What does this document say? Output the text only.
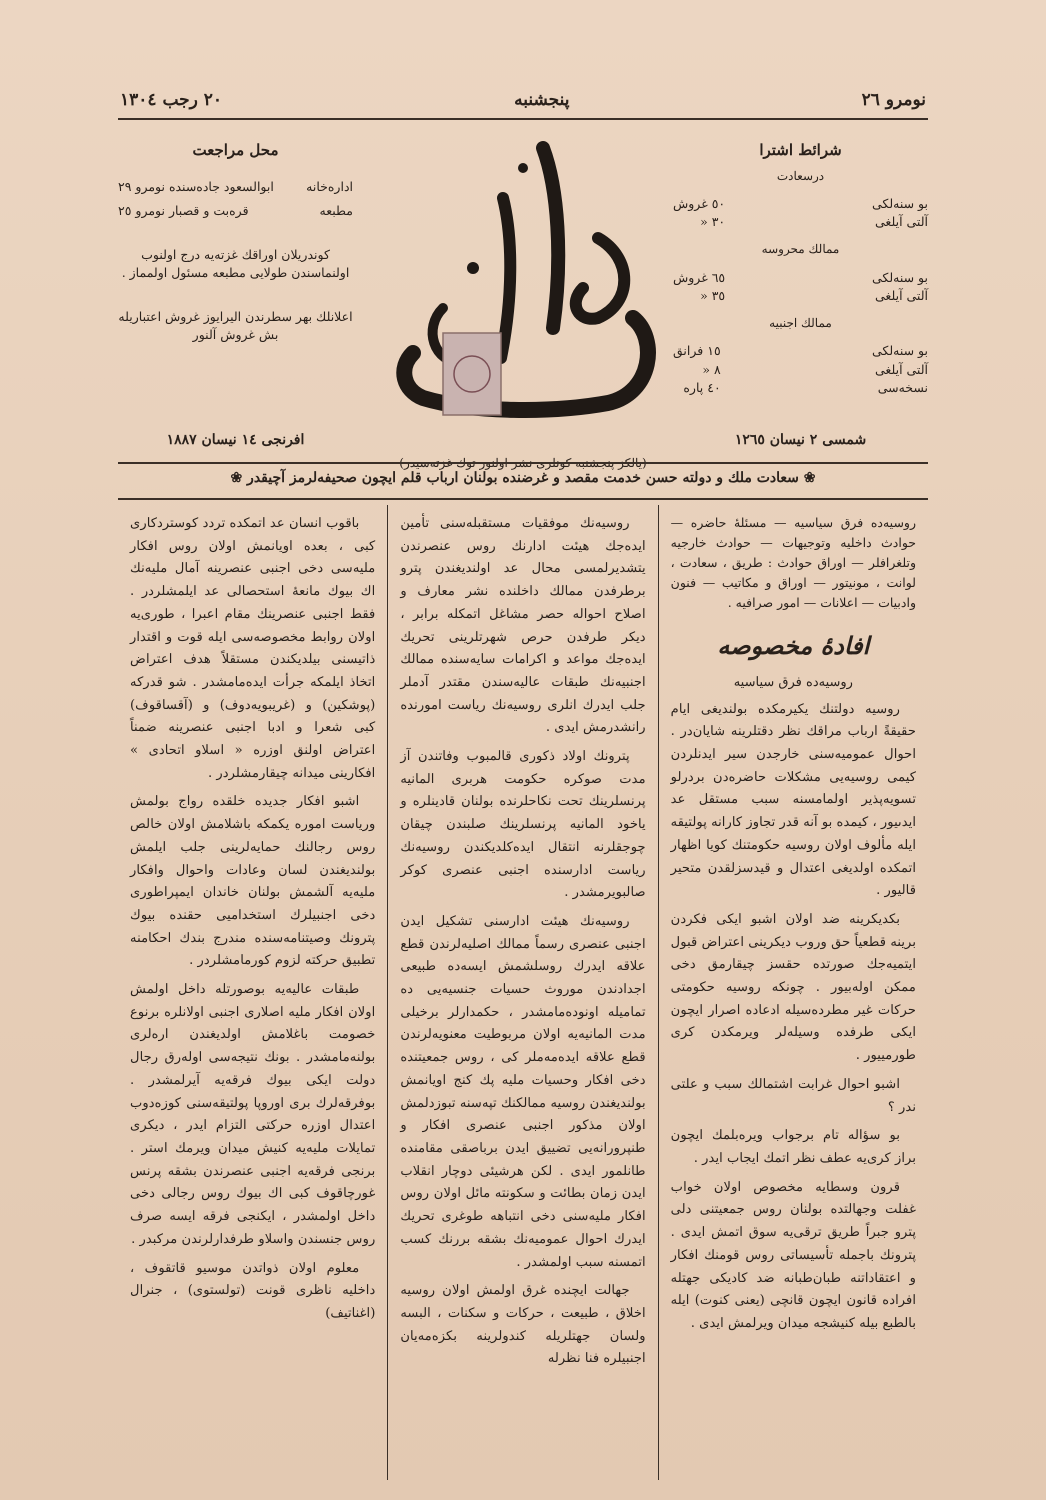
٢٠ رجب ١٣٠٤	پنجشنبه	نومرو ٢٦
محل مراجعت
اداره‌خانه
ابوالسعود جاده‌سنده نومرو ٢٩
مطبعه
قره‌بت و قصبار نومرو ٢٥
كوندريلان اوراقك غزته‌يه درج اولنوب اولنماسندن طولايى مطبعه مسئول اولمماز .
اعلانلك بهر سطرندن اليرايوز غروش اعتباريله بش غروش آلنور
افرنجى ١٤ نيسان ١٨٨٧
(يالكز پنجشنبه كونلرى نشر اولنور توك غزته‌سيدر)
شرائط اشترا
درسعادت
بو سنه‌لكى
آلتى آيلغى
٥٠ غروش
٣٠ «
ممالك محروسه
بو سنه‌لكى
آلتى آيلغى
٦٥ غروش
٣٥ «
ممالك اجنبيه
بو سنه‌لكى
آلتى آيلغى
نسخه‌سى
١٥ فرانق
٨ «
٤٠ پاره
شمسى ٢ نيسان ١٢٦٥
❀ سعادت ملك و دولته حسن خدمت مقصد و غرضنده بولنان ارباب قلم ايچون صحيفه‌لرمز آچيقدر ❀
روسيه‌ده فرق سياسيه — مسئلهٔ حاضره — حوادث داخليه وتوجيهات — حوادث خارجيه وتلغرافلر — اوراق حوادث : طريق ، سعادت ، لوانت ، مونيتور — اوراق و مكاتيب — فنون وادبيات — اعلانات — امور صرافيه .
افادهٔ مخصوصه
روسيه‌ده فرق سياسيه

روسيه دولتنك يكيرمكده بولنديغى ايام حقيقةً ارباب مراقك نظر دقتلرينه شايان‌در . احوال عموميه‌سنى خارجدن سير ايدنلردن كيمى روسيه‌يى مشكلات حاضره‌دن بردرلو تسويه‌پذير اولمامسنه سبب مستقل عد ايدىيور ، كيمده بو آنه قدر تجاوز كارانه پولتيقه ايله مألوف اولان روسيه حكومتنك كويا اظهار اتمكده اولديغى اعتدال و قيدسزلقدن متحير قاليور .

بكديكرينه ضد اولان اشبو ايكى فكردن برينه قطعياً حق وروب ديكرينى اعتراض قبول ايتميه‌جك صورتده حقسز چيقارمق دخى ممكن اوله‌بيور . چونكه روسيه حكومتى حركات غير مطرده‌سيله ادعاده اصرار ايچون ايكى طرفده وسيله‌لر ويرمكدن كرى طورمييور .

اشبو احوال غرابت اشتمالك سبب و علتى ندر ؟

بو سؤاله تام برجواب ويره‌بلمك ايچون براز كرى‌يه عطف نظر اتمك ايجاب ايدر .

قرون وسطايه مخصوص اولان خواب غفلت وجهالتده بولنان روس جمعيتنى دلى پترو جبراً طريق ترقى‌يه سوق اتمش ايدى . پترونك باجمله تأسيساتى روس قومنك افكار و اعتقاداتنه طبان‌طبانه ضد كاديكى جهتله افراده قانون ايچون قانچى (يعنى كنوت) ايله بالطبع بيله كنيشجه ميدان ويرلمش ايدى .

روسيه‌نك موفقيات مستقبله‌سنى تأمين ايده‌جك هيئت ادارنك روس عنصرندن يتشديرلمسى محال عد اولنديغندن پترو برطرفدن ممالك داخلنده نشر معارف و اصلاح احواله حصر مشاغل اتمكله برابر ، ديكر طرفدن حرص شهرتلرينى تحريك ايده‌جك مواعد و اكرامات سايه‌سنده ممالك اجنبيه‌نك طبقات عاليه‌سندن مقتدر آدملر جلب ايدرك انلرى روسيه‌نك رياست امورنده رانشدرمش ايدى .

پترونك اولاد ذكورى قالمبوب وفاتندن آز مدت صوكره حكومت هربرى المانيه پرنسلرينك تحت نكاحلرنده بولنان قادينلره و ياخود المانيه پرنسلرينك صلبندن چيقان چوجقلرنه انتقال ايده‌كلديكندن روسيه‌نك رياست ادارسنده اجنبى عنصرى كوكر صالبويرمشدر .

روسيه‌نك هيئت ادارسنى تشكيل ايدن اجنبى عنصرى رسماً ممالك اصليه‌لرندن قطع علاقه ايدرك روسلشمش ايسه‌ده طبيعى اجدادندن موروث حسيات جنسيه‌يى ده تماميله اونوده‌مامشدر ، حكمدارلر برخيلى مدت المانيه‌يه اولان مربوطيت معنويه‌لرندن قطع علاقه ايده‌مه‌ملر كى ، روس جمعيتنده دخى افكار وحسيات مليه پك كنج اويانمش بولنديغندن روسيه ممالكنك تپه‌سنه تبوزدلمش اولان مذكور اجنبى عنصرى افكار و طنپرورانه‌يى تضييق ايدن برباصقى مقامنده طانلمور ايدى . لكن هرشيئى دوچار انقلاب ايدن زمان بطائت و سكونته مائل اولان روس افكار مليه‌سنى دخى انتباهه طوغرى تحريك ايدرك احوال عموميه‌نك بشقه بررنك كسب اتمسنه سبب اولمشدر .

جهالت ايچنده غرق اولمش اولان روسيه اخلاق ، طبيعت ، حركات و سكنات ، البسه ولسان جهتلريله كندولرينه بكزه‌مه‌يان اجنبيلره فنا نظرله

باقوب انسان عد اتمكده تردد كوستردكارى كبى ، بعده اويانمش اولان روس افكار مليه‌سى دخى اجنبى عنصرينه آمال مليه‌نك اك بيوك مانعهٔ استحصالى عد ايلمشلردر . فقط اجنبى عنصرينك مقام اعبرا ، طورى‌يه اولان روابط مخصوصه‌سى ايله قوت و اقتدار ذاتيسنى بيلديكندن مستقلاً هدف اعتراض اتخاذ ايلمكه جرأت ايده‌مامشدر . شو قدركه (پوشكين) و (غريبويه‌دوف) و (آقساقوف) كبى شعرا و ادبا اجنبى عنصرينه ضمناً اعتراض اولنق اوزره « اسلاو اتحادى » افكارينى ميدانه چيقارمشلردر .

اشبو افكار جديده خلقده رواج بولمش ورياست اموره يكمكه باشلامش اولان خالص روس رجالنك حمايه‌لرينى جلب ايلمش بولنديغندن لسان وعادات واحوال وافكار مليه‌يه آلشمش بولنان خاندان ايمپراطورى دخى اجنبيلرك استخداميى حقنده بيوك پترونك وصيتنامه‌سنده مندرج بندك احكامنه تطبيق حركته لزوم كورمامشلردر .

طبقات عاليه‌يه بوصورتله داخل اولمش اولان افكار مليه اصلارى اجنبى اولانلره برنوع خصومت باغلامش اولديغندن اره‌لرى بولنه‌مامشدر . بونك نتيجه‌سى اوله‌رق رجال دولت ايكى بيوك فرقه‌يه آيرلمشدر . بوفرقه‌لرك برى اوروپا پولتيقه‌سنى كوزه‌دوب اعتدال اوزره حركتى التزام ايدر ، ديكرى تمايلات مليه‌يه كنيش ميدان ويرمك استر . برنجى فرقه‌يه اجنبى عنصرندن بشقه پرنس غورچاقوف كبى اك بيوك روس رجالى دخى داخل اولمشدر ، ايكنجى فرقه ايسه صرف روس جنسندن واسلاو طرفدارلرندن مركبدر .

معلوم اولان ذواتدن موسيو قاتقوف ، داخليه ناظرى قونت (تولستوى) ، جنرال (اغناتيف)
